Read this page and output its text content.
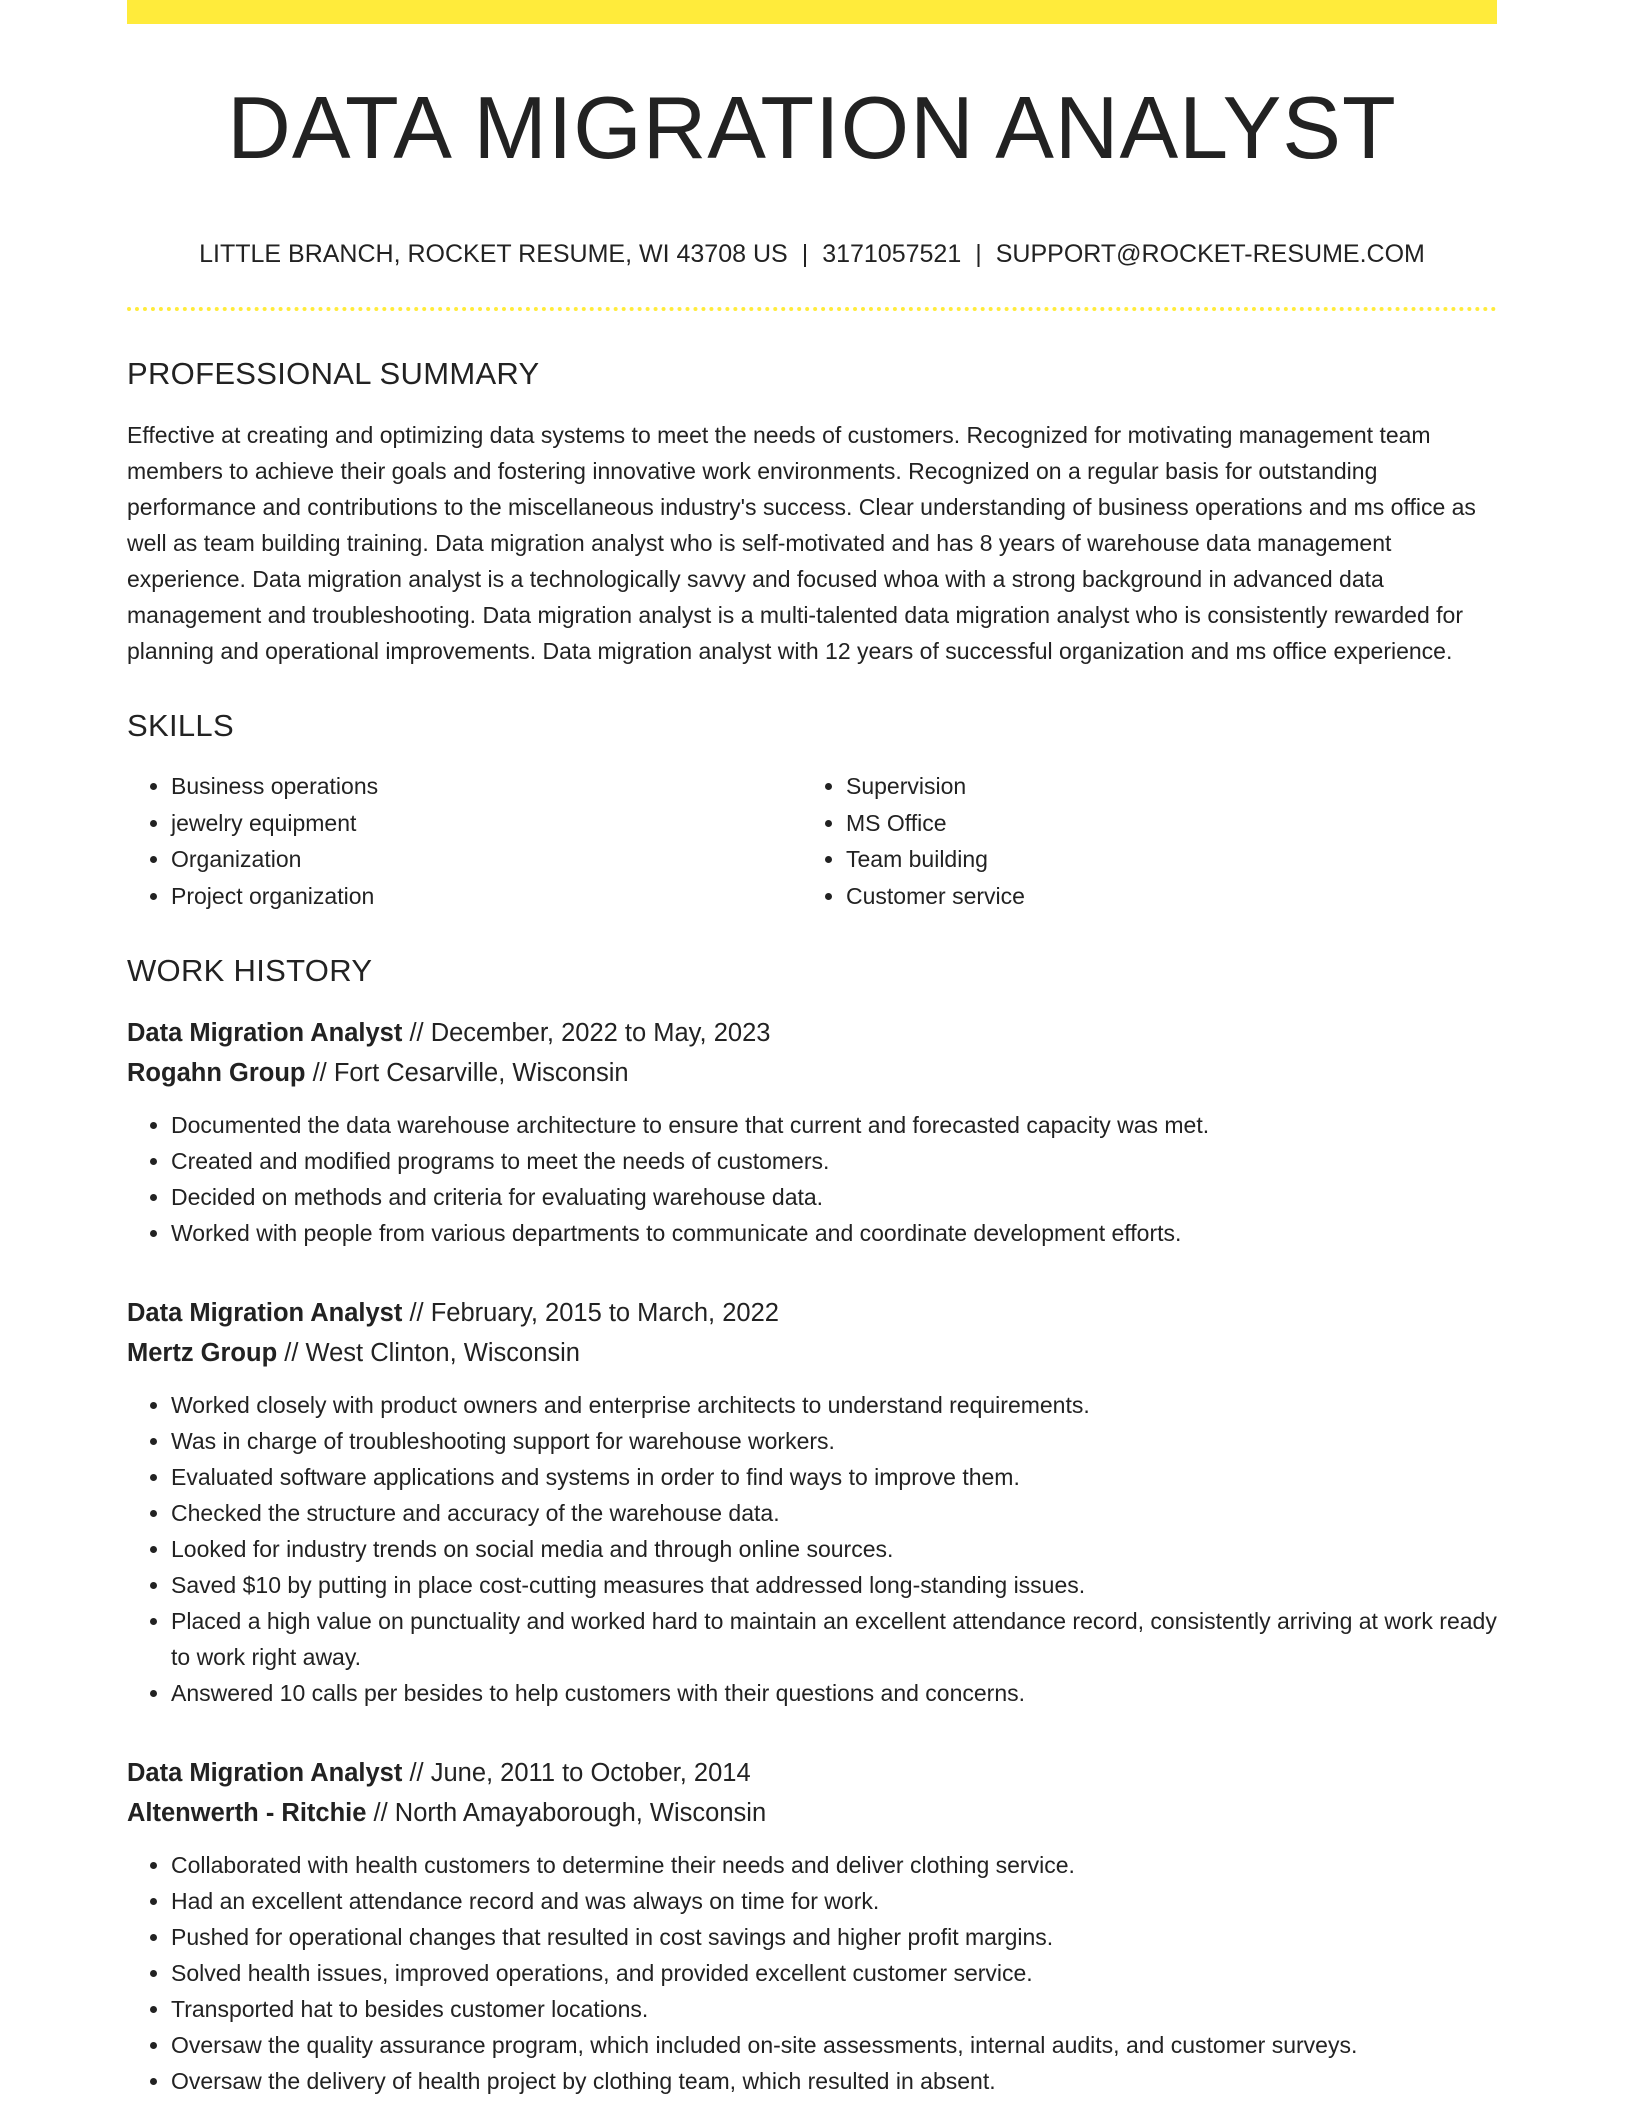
DATA MIGRATION ANALYST
LITTLE BRANCH, ROCKET RESUME, WI 43708 US | 3171057521 | SUPPORT@ROCKET-RESUME.COM
PROFESSIONAL SUMMARY

Effective at creating and optimizing data systems to meet the needs of customers. Recognized for motivating management team members to achieve their goals and fostering innovative work environments. Recognized on a regular basis for outstanding performance and contributions to the miscellaneous industry's success. Clear understanding of business operations and ms office as well as team building training. Data migration analyst who is self-motivated and has 8 years of warehouse data management experience. Data migration analyst is a technologically savvy and focused whoa with a strong background in advanced data management and troubleshooting. Data migration analyst is a multi-talented data migration analyst who is consistently rewarded for planning and operational improvements. Data migration analyst with 12 years of successful organization and ms office experience.

SKILLS
• Business operations
• jewelry equipment
• Organization
• Project organization
• Supervision
• MS Office
• Team building
• Customer service
WORK HISTORY
Data Migration Analyst // December, 2022 to May, 2023
Rogahn Group // Fort Cesarville, Wisconsin
• Documented the data warehouse architecture to ensure that current and forecasted capacity was met.
• Created and modified programs to meet the needs of customers.
• Decided on methods and criteria for evaluating warehouse data.
• Worked with people from various departments to communicate and coordinate development efforts.
Data Migration Analyst // February, 2015 to March, 2022
Mertz Group // West Clinton, Wisconsin
• Worked closely with product owners and enterprise architects to understand requirements.
• Was in charge of troubleshooting support for warehouse workers.
• Evaluated software applications and systems in order to find ways to improve them.
• Checked the structure and accuracy of the warehouse data.
• Looked for industry trends on social media and through online sources.
• Saved $10 by putting in place cost-cutting measures that addressed long-standing issues.
• Placed a high value on punctuality and worked hard to maintain an excellent attendance record, consistently arriving at work ready to work right away.
• Answered 10 calls per besides to help customers with their questions and concerns.
Data Migration Analyst // June, 2011 to October, 2014
Altenwerth - Ritchie // North Amayaborough, Wisconsin
• Collaborated with health customers to determine their needs and deliver clothing service.
• Had an excellent attendance record and was always on time for work.
• Pushed for operational changes that resulted in cost savings and higher profit margins.
• Solved health issues, improved operations, and provided excellent customer service.
• Transported hat to besides customer locations.
• Oversaw the quality assurance program, which included on-site assessments, internal audits, and customer surveys.
• Oversaw the delivery of health project by clothing team, which resulted in absent.
